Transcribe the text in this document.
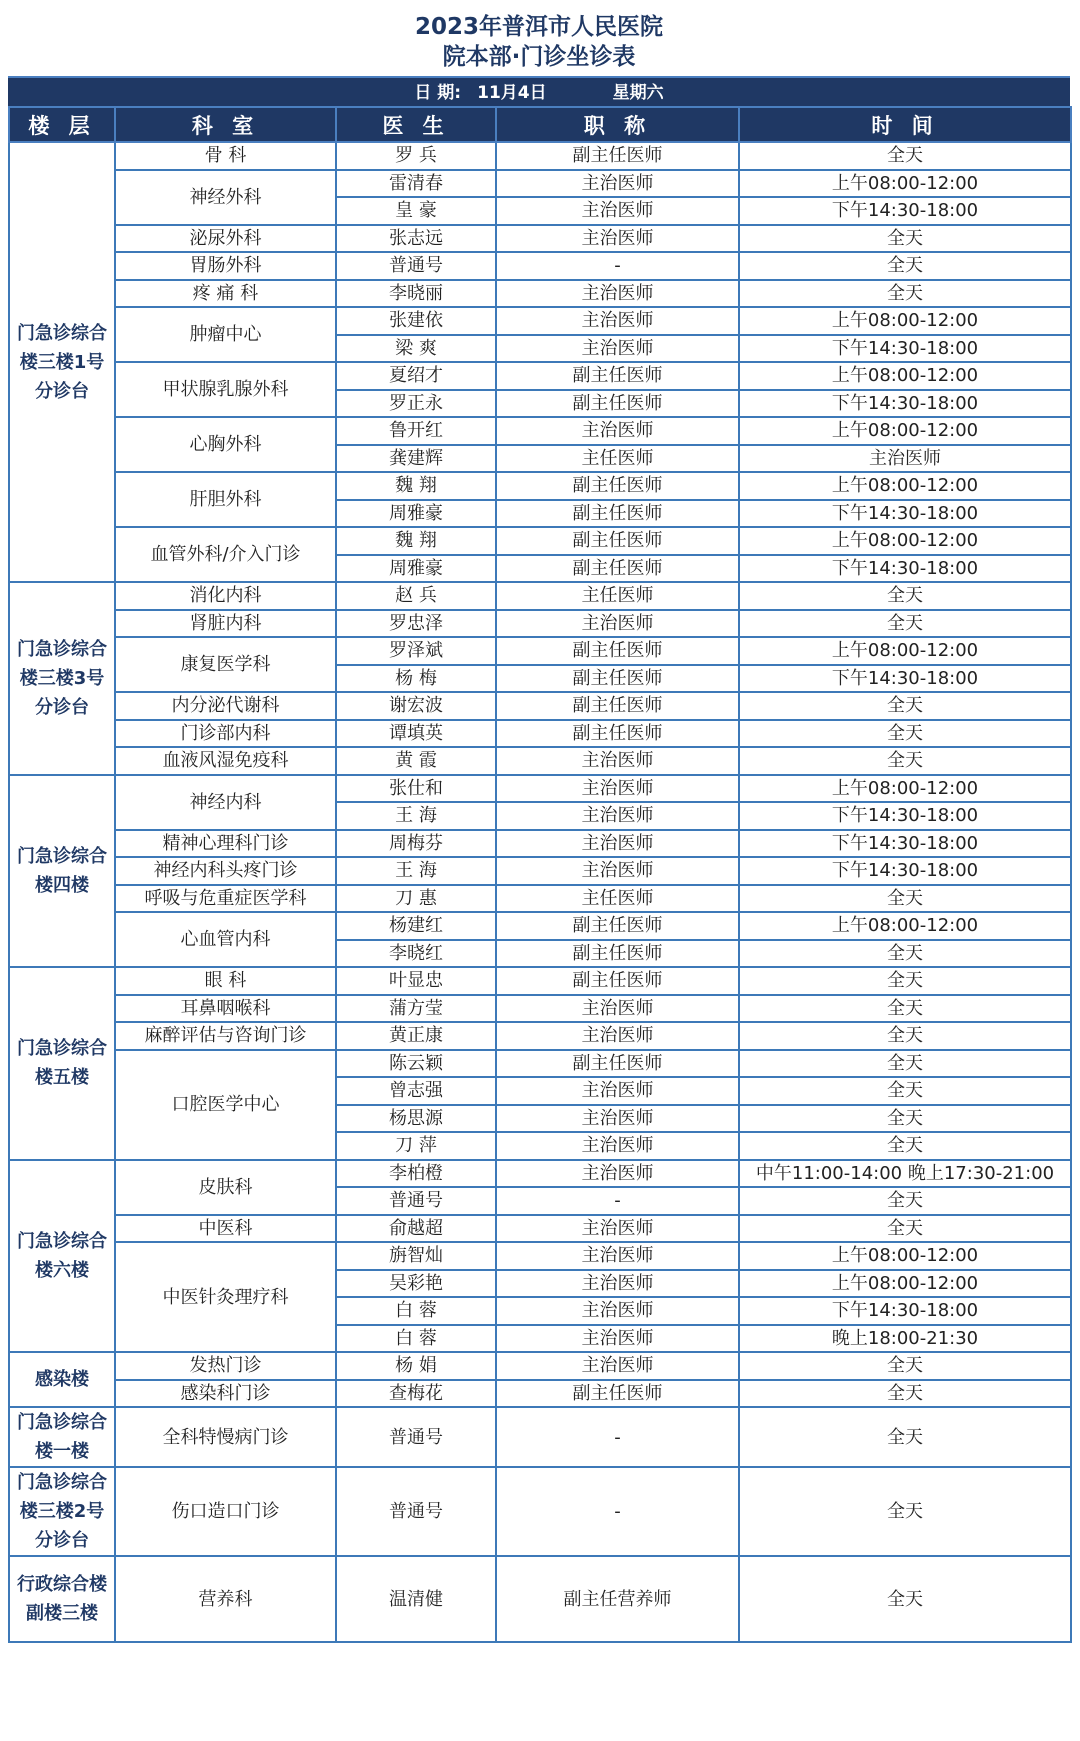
2023年普洱市人民医院
院本部·门诊坐诊表
日 期: 11月4日	星期六
楼 层	科 室	医 生	职 称	时 间
门急诊综合楼三楼1号分诊台	骨 科	罗 兵	副主任医师	全天
	神经外科	雷清春	主治医师	上午08:00-12:00
		皇 豪	主治医师	下午14:30-18:00
	泌尿外科	张志远	主治医师	全天
	胃肠外科	普通号	-	全天
	疼 痛 科	李晓丽	主治医师	全天
	肿瘤中心	张建依	主治医师	上午08:00-12:00
		梁 爽	主治医师	下午14:30-18:00
	甲状腺乳腺外科	夏绍才	副主任医师	上午08:00-12:00
		罗正永	副主任医师	下午14:30-18:00
	心胸外科	鲁开红	主治医师	上午08:00-12:00
		龚建辉	主任医师	主治医师
	肝胆外科	魏 翔	副主任医师	上午08:00-12:00
		周雅豪	副主任医师	下午14:30-18:00
	血管外科/介入门诊	魏 翔	副主任医师	上午08:00-12:00
		周雅豪	副主任医师	下午14:30-18:00
门急诊综合楼三楼3号分诊台	消化内科	赵 兵	主任医师	全天
	肾脏内科	罗忠泽	主治医师	全天
	康复医学科	罗泽斌	副主任医师	上午08:00-12:00
		杨 梅	副主任医师	下午14:30-18:00
	内分泌代谢科	谢宏波	副主任医师	全天
	门诊部内科	谭填英	副主任医师	全天
	血液风湿免疫科	黄 霞	主治医师	全天
门急诊综合楼四楼	神经内科	张仕和	主治医师	上午08:00-12:00
		王 海	主治医师	下午14:30-18:00
	精神心理科门诊	周梅芬	主治医师	下午14:30-18:00
	神经内科头疼门诊	王 海	主治医师	下午14:30-18:00
	呼吸与危重症医学科	刀 惠	主任医师	全天
	心血管内科	杨建红	副主任医师	上午08:00-12:00
		李晓红	副主任医师	全天
门急诊综合楼五楼	眼 科	叶显忠	副主任医师	全天
	耳鼻咽喉科	蒲方莹	主治医师	全天
	麻醉评估与咨询门诊	黄正康	主治医师	全天
	口腔医学中心	陈云颖	副主任医师	全天
		曾志强	主治医师	全天
		杨思源	主治医师	全天
		刀 萍	主治医师	全天
门急诊综合楼六楼	皮肤科	李柏橙	主治医师	中午11:00-14:00 晚上17:30-21:00
		普通号	-	全天
	中医科	俞越超	主治医师	全天
	中医针灸理疗科	旃智灿	主治医师	上午08:00-12:00
		吴彩艳	主治医师	上午08:00-12:00
		白 蓉	主治医师	下午14:30-18:00
		白 蓉	主治医师	晚上18:00-21:30
感染楼	发热门诊	杨 娟	主治医师	全天
	感染科门诊	查梅花	副主任医师	全天
门急诊综合楼一楼	全科特慢病门诊	普通号	-	全天
门急诊综合楼三楼2号分诊台	伤口造口门诊	普通号	-	全天
行政综合楼副楼三楼	营养科	温清健	副主任营养师	全天
